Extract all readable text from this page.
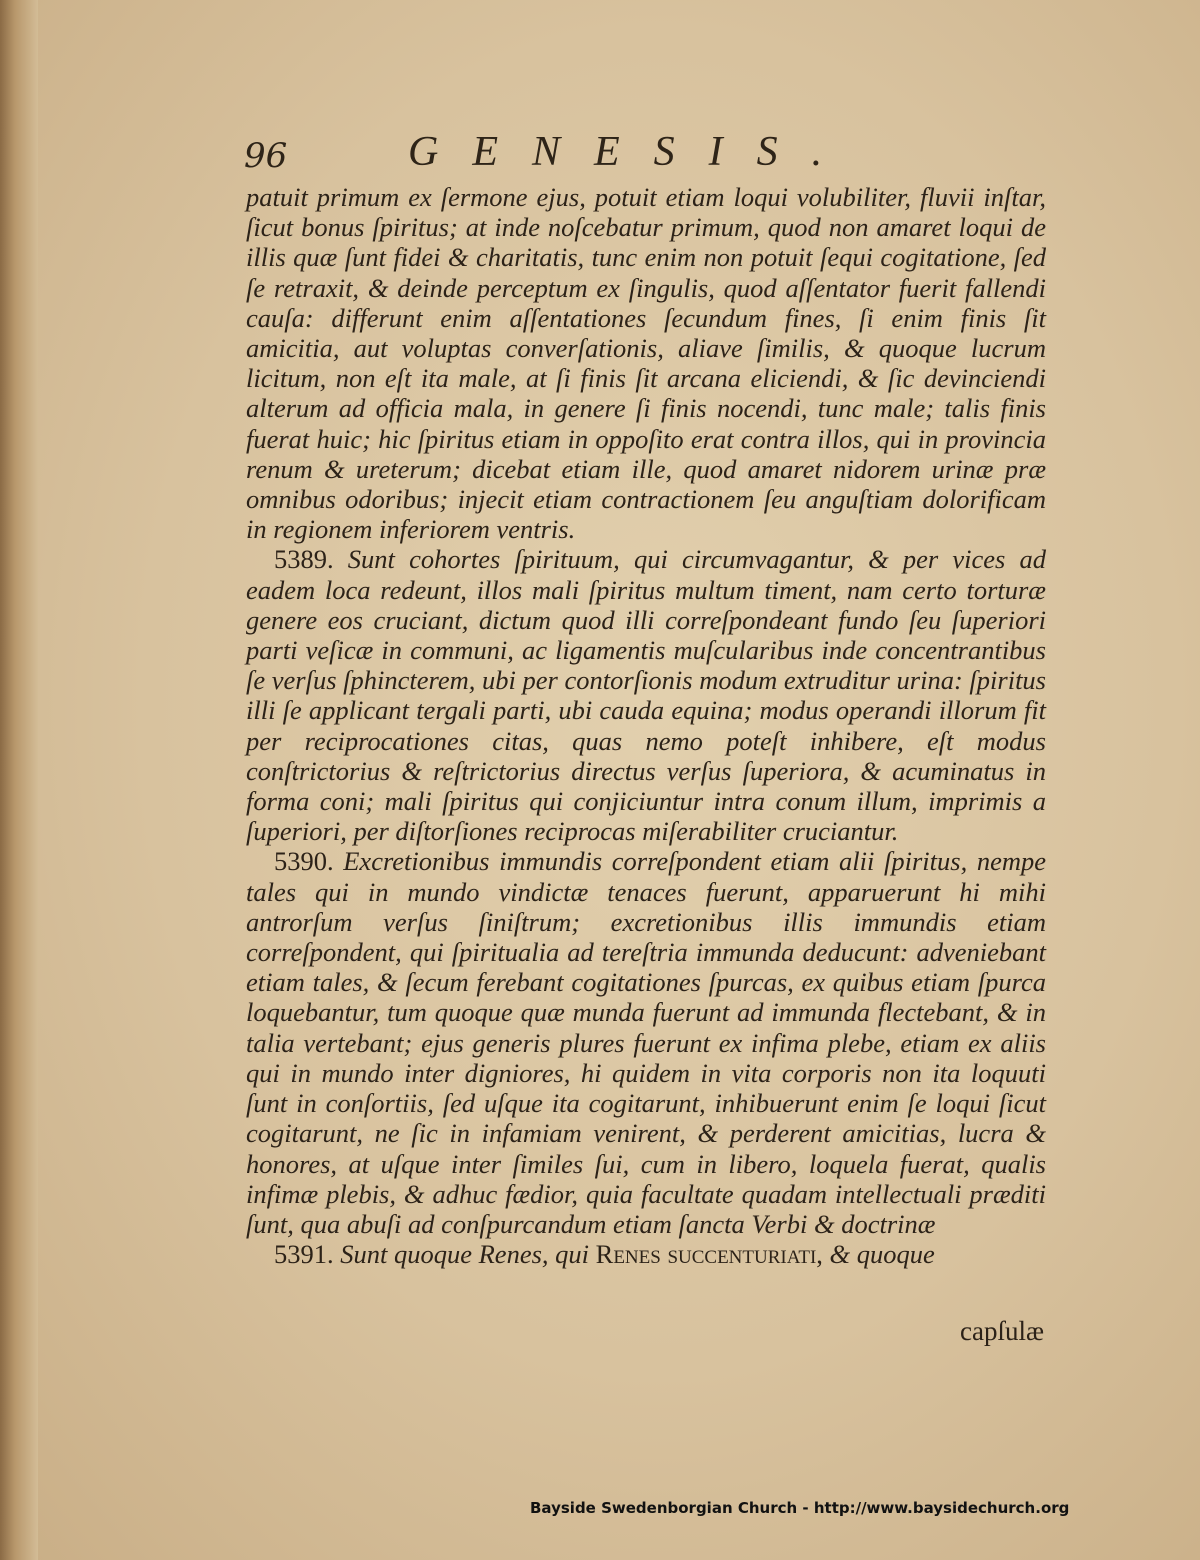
96	GENESIS.

patuit primum ex ſermone ejus, potuit etiam loqui volubiliter, fluvii inſtar, ſicut bonus ſpiritus; at inde noſcebatur primum, quod non amaret loqui de illis quæ ſunt fidei & charitatis, tunc enim non potuit ſequi cogitatione, ſed ſe retraxit, & deinde perceptum ex ſingulis, quod aſſentator fuerit fallendi cauſa: differunt enim aſſentationes ſecundum fines, ſi enim finis ſit amicitia, aut voluptas converſationis, aliave ſimilis, & quoque lucrum licitum, non eſt ita male, at ſi finis ſit arcana eliciendi, & ſic devinciendi alterum ad officia mala, in genere ſi finis nocendi, tunc male; talis finis fuerat huic; hic ſpiritus etiam in oppoſito erat contra illos, qui in provincia renum & ureterum; dicebat etiam ille, quod amaret nidorem urinæ præ omnibus odoribus; injecit etiam contractionem ſeu anguſtiam dolorificam in regionem inferiorem ventris.

5389. Sunt cohortes ſpirituum, qui circumvagantur, & per vices ad eadem loca redeunt, illos mali ſpiritus multum timent, nam certo torturæ genere eos cruciant, dictum quod illi correſpondeant fundo ſeu ſuperiori parti veſicæ in communi, ac ligamentis muſcularibus inde concentrantibus ſe verſus ſphincterem, ubi per contorſionis modum extruditur urina: ſpiritus illi ſe applicant tergali parti, ubi cauda equina; modus operandi illorum fit per reciprocationes citas, quas nemo poteſt inhibere, eſt modus conſtrictorius & reſtrictorius directus verſus ſuperiora, & acuminatus in forma coni; mali ſpiritus qui conjiciuntur intra conum illum, imprimis a ſuperiori, per diſtorſiones reciprocas miſerabiliter cruciantur.

5390. Excretionibus immundis correſpondent etiam alii ſpiritus, nempe tales qui in mundo vindictæ tenaces fuerunt, apparuerunt hi mihi antrorſum verſus ſiniſtrum; excretionibus illis immundis etiam correſpondent, qui ſpiritualia ad tereſtria immunda deducunt: adveniebant etiam tales, & ſecum ferebant cogitationes ſpurcas, ex quibus etiam ſpurca loquebantur, tum quoque quæ munda fuerunt ad immunda flectebant, & in talia vertebant; ejus generis plures fuerunt ex infima plebe, etiam ex aliis qui in mundo inter digniores, hi quidem in vita corporis non ita loquuti ſunt in conſortiis, ſed uſque ita cogitarunt, inhibuerunt enim ſe loqui ſicut cogitarunt, ne ſic in infamiam venirent, & perderent amicitias, lucra & honores, at uſque inter ſimiles ſui, cum in libero, loquela fuerat, qualis infimæ plebis, & adhuc fædior, quia facultate quadam intellectuali præditi ſunt, qua abuſi ad conſpurcandum etiam ſancta Verbi & doctrinæ

5391. Sunt quoque Renes, qui Renes succenturiati, & quoque

capſulæ
Bayside Swedenborgian Church - http://www.baysidechurch.org
